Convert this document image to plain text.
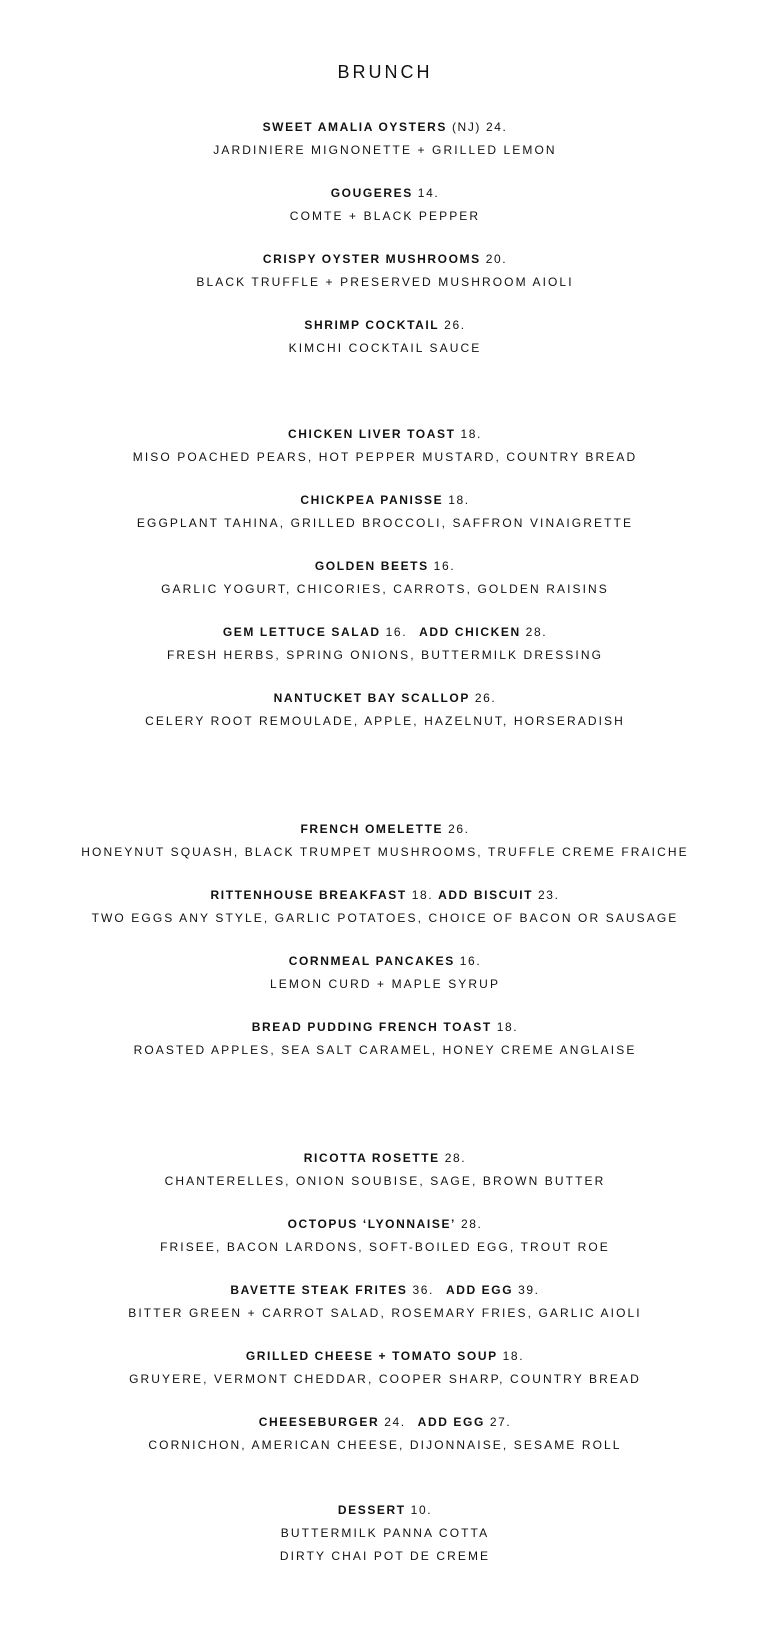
BRUNCH
SWEET AMALIA OYSTERS (NJ) 24.
JARDINIERE MIGNONETTE + GRILLED LEMON
GOUGERES 14.
COMTE + BLACK PEPPER
CRISPY OYSTER MUSHROOMS 20.
BLACK TRUFFLE + PRESERVED MUSHROOM AIOLI
SHRIMP COCKTAIL 26.
KIMCHI COCKTAIL SAUCE
CHICKEN LIVER TOAST 18.
MISO POACHED PEARS, HOT PEPPER MUSTARD, COUNTRY BREAD
CHICKPEA PANISSE 18.
EGGPLANT TAHINA, GRILLED BROCCOLI, SAFFRON VINAIGRETTE
GOLDEN BEETS 16.
GARLIC YOGURT, CHICORIES, CARROTS, GOLDEN RAISINS
GEM LETTUCE SALAD 16. ADD CHICKEN 28.
FRESH HERBS, SPRING ONIONS, BUTTERMILK DRESSING
NANTUCKET BAY SCALLOP 26.
CELERY ROOT REMOULADE, APPLE, HAZELNUT, HORSERADISH
FRENCH OMELETTE 26.
HONEYNUT SQUASH, BLACK TRUMPET MUSHROOMS, TRUFFLE CREME FRAICHE
RITTENHOUSE BREAKFAST 18. ADD BISCUIT 23.
TWO EGGS ANY STYLE, GARLIC POTATOES, CHOICE OF BACON OR SAUSAGE
CORNMEAL PANCAKES 16.
LEMON CURD + MAPLE SYRUP
BREAD PUDDING FRENCH TOAST 18.
ROASTED APPLES, SEA SALT CARAMEL, HONEY CREME ANGLAISE
RICOTTA ROSETTE 28.
CHANTERELLES, ONION SOUBISE, SAGE, BROWN BUTTER
OCTOPUS ‘LYONNAISE’ 28.
FRISEE, BACON LARDONS, SOFT-BOILED EGG, TROUT ROE
BAVETTE STEAK FRITES 36. ADD EGG 39.
BITTER GREEN + CARROT SALAD, ROSEMARY FRIES, GARLIC AIOLI
GRILLED CHEESE + TOMATO SOUP 18.
GRUYERE, VERMONT CHEDDAR, COOPER SHARP, COUNTRY BREAD
CHEESEBURGER 24. ADD EGG 27.
CORNICHON, AMERICAN CHEESE, DIJONNAISE, SESAME ROLL
DESSERT 10.
BUTTERMILK PANNA COTTA
DIRTY CHAI POT DE CREME
